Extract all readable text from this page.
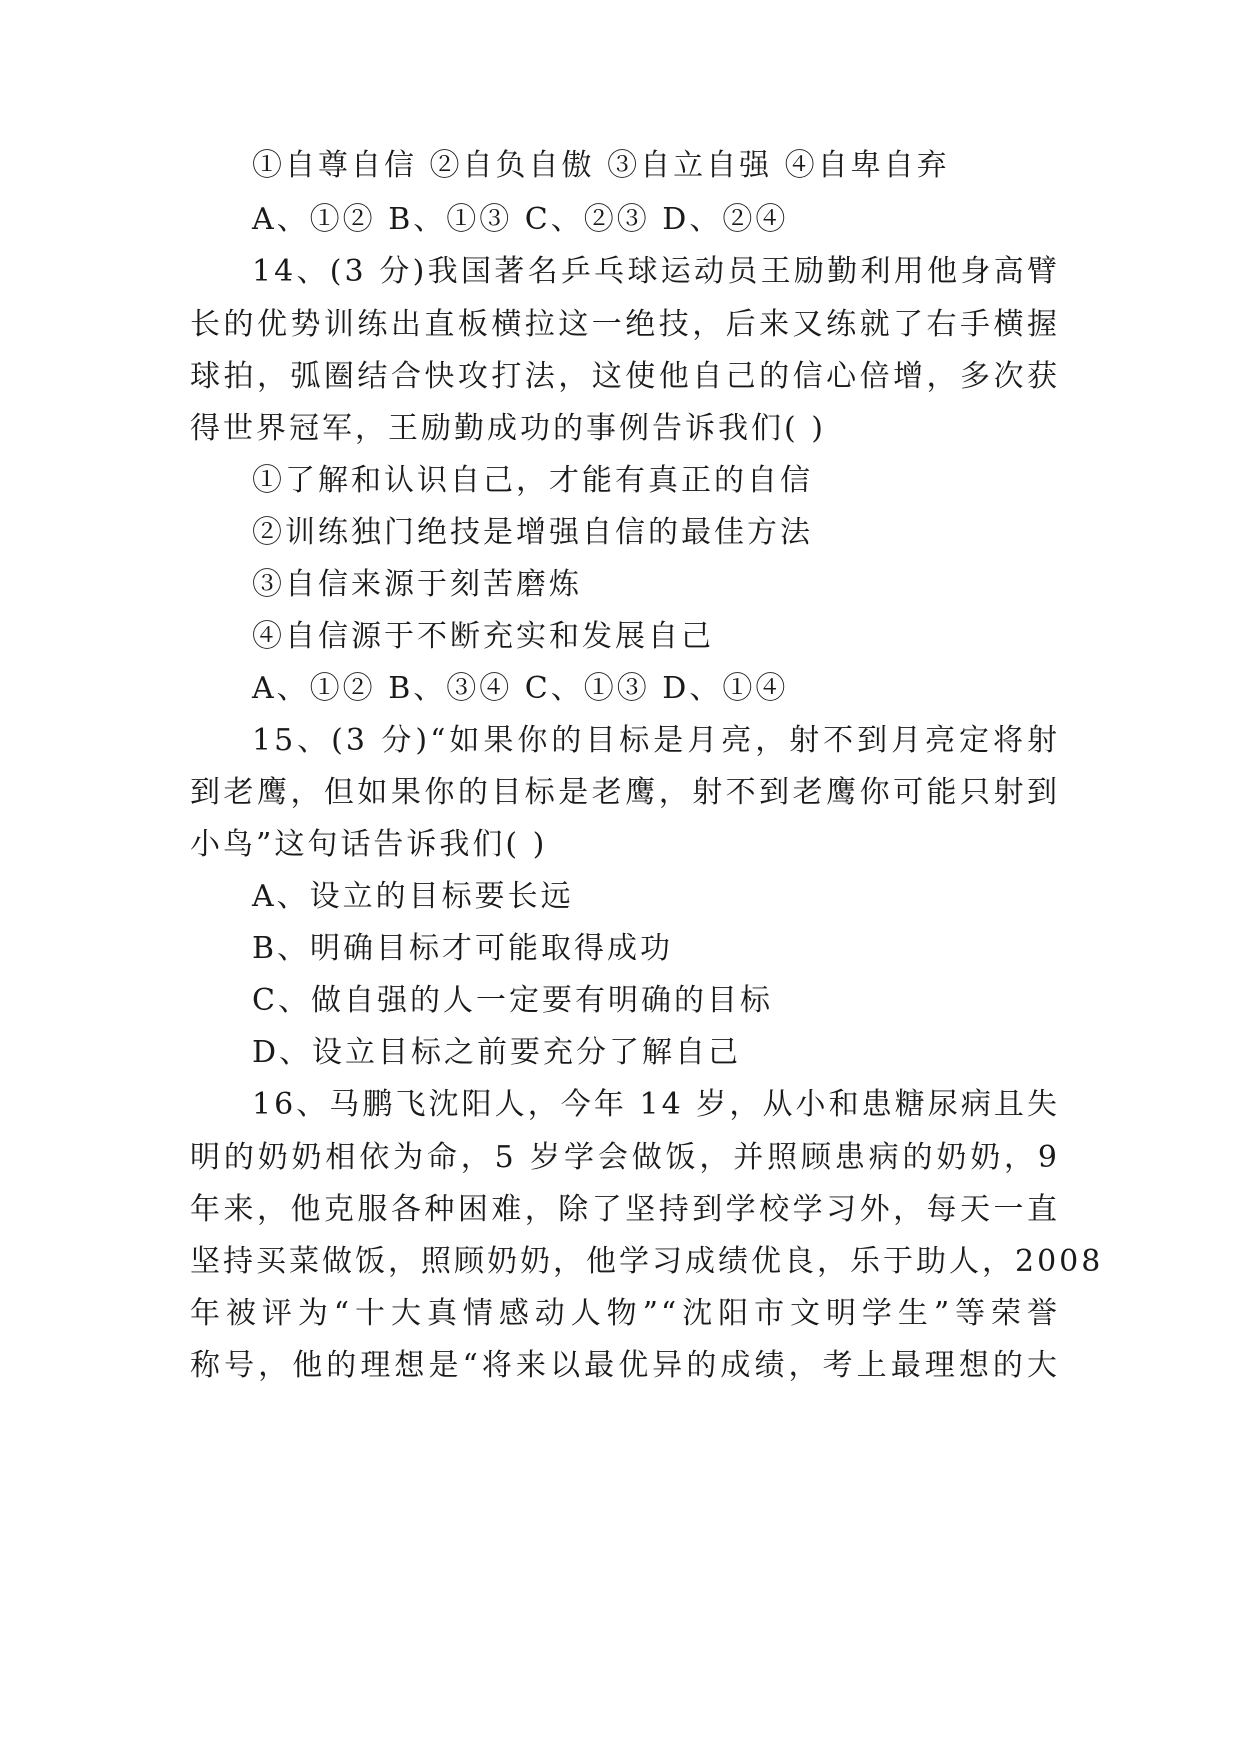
①自尊自信 ②自负自傲 ③自立自强 ④自卑自弃
A、①② B、①③ C、②③ D、②④
14、(3 分)我国著名乒乓球运动员王励勤利用他身高臂
长的优势训练出直板横拉这一绝技，后来又练就了右手横握
球拍，弧圈结合快攻打法，这使他自己的信心倍增，多次获
得世界冠军，王励勤成功的事例告诉我们( )
①了解和认识自己，才能有真正的自信
②训练独门绝技是增强自信的最佳方法
③自信来源于刻苦磨炼
④自信源于不断充实和发展自己
A、①② B、③④ C、①③ D、①④
15、(3 分)“如果你的目标是月亮，射不到月亮定将射
到老鹰，但如果你的目标是老鹰，射不到老鹰你可能只射到
小鸟”这句话告诉我们( )
A、设立的目标要长远
B、明确目标才可能取得成功
C、做自强的人一定要有明确的目标
D、设立目标之前要充分了解自己
16、马鹏飞沈阳人，今年 14 岁，从小和患糖尿病且失
明的奶奶相依为命，5 岁学会做饭，并照顾患病的奶奶，9
年来，他克服各种困难，除了坚持到学校学习外，每天一直
坚持买菜做饭，照顾奶奶，他学习成绩优良，乐于助人，2008
年被评为“十大真情感动人物”“沈阳市文明学生”等荣誉
称号，他的理想是“将来以最优异的成绩，考上最理想的大
